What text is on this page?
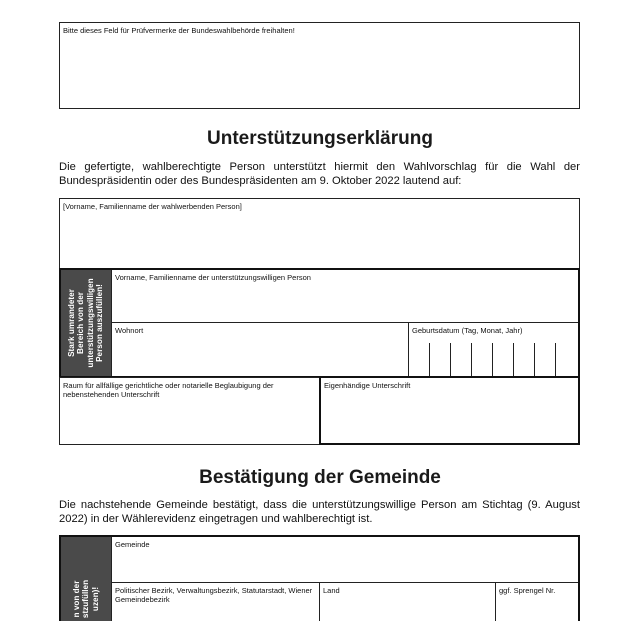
Bitte dieses Feld für Prüfvermerke der Bundeswahlbehörde freihalten!
Unterstützungserklärung
Die gefertigte, wahlberechtigte Person unterstützt hiermit den Wahlvorschlag für die Wahl der Bundespräsidentin oder des Bundespräsidenten am 9. Oktober 2022 lautend auf:
[Vorname, Familienname der wahlwerbenden Person]
Stark umrandeter Bereich von der unterstützungswilligen Person auszufüllen!
Vorname, Familienname der unterstützungswilligen Person
Wohnort	Geburtsdatum (Tag, Monat, Jahr)
Raum für allfällige gerichtliche oder notarielle Beglaubigung der nebenstehenden Unterschrift
Eigenhändige Unterschrift
Bestätigung der Gemeinde
Die nachstehende Gemeinde bestätigt, dass die unterstützungswillige Person am Stichtag (9. August 2022) in der Wählerevidenz eingetragen und wahlberechtigt ist.
n von der stzufüllen uzen)!
Gemeinde
Politischer Bezirk, Verwaltungsbezirk, Statutarstadt, Wiener Gemeindebezirk
Land	ggf. Sprengel Nr.
